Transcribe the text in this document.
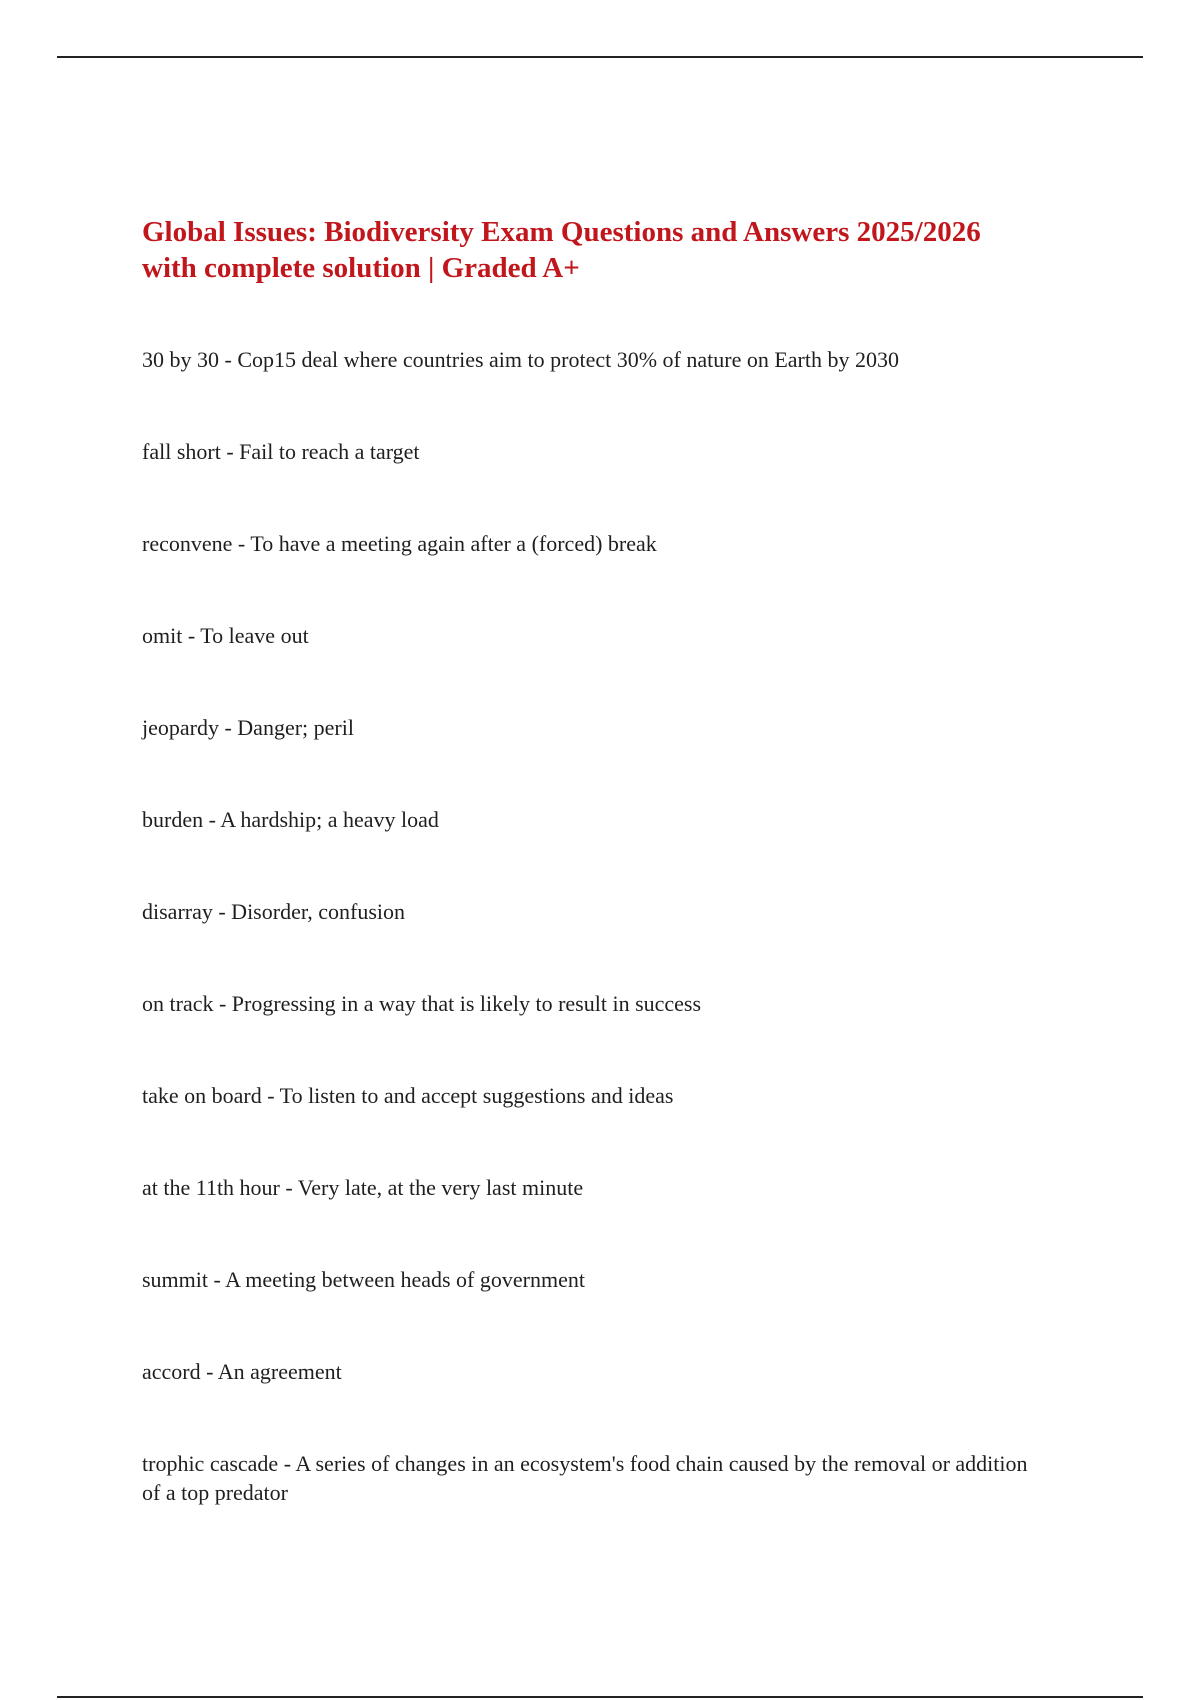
Global Issues: Biodiversity Exam Questions and Answers 2025/2026
with complete solution | Graded A+
30 by 30 - Cop15 deal where countries aim to protect 30% of nature on Earth by 2030
fall short - Fail to reach a target
reconvene - To have a meeting again after a (forced) break
omit - To leave out
jeopardy - Danger; peril
burden - A hardship; a heavy load
disarray - Disorder, confusion
on track - Progressing in a way that is likely to result in success
take on board - To listen to and accept suggestions and ideas
at the 11th hour - Very late, at the very last minute
summit - A meeting between heads of government
accord - An agreement
trophic cascade - A series of changes in an ecosystem's food chain caused by the removal or addition of a top predator
